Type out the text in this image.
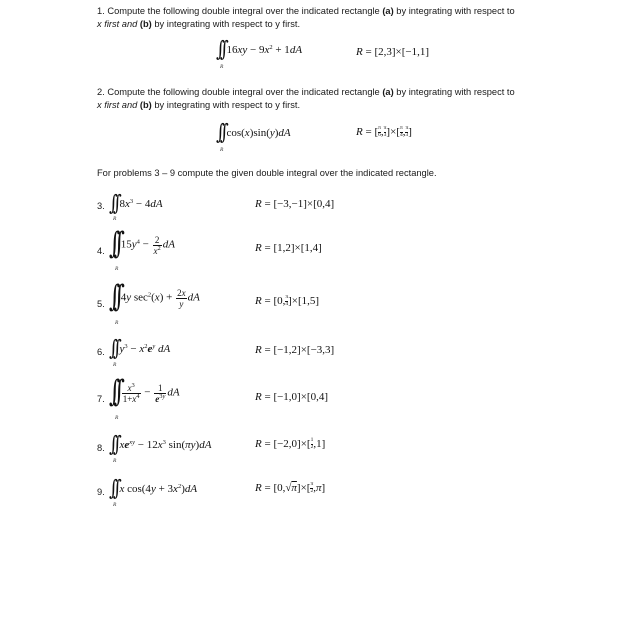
1. Compute the following double integral over the indicated rectangle (a) by integrating with respect to
x first and (b) by integrating with respect to y first.
∫∫ $16xy - 9x^2 + 1dA$
R
R = [2,3]×[−1,1]
2. Compute the following double integral over the indicated rectangle (a) by integrating with respect to
x first and (b) by integrating with respect to y first.
∫∫ cos(x)sin(y)dA
R
R = [ $\frac{\pi}{6}$ , $\frac{\pi}{3}$ ]×[ $\frac{\pi}{4}$ , $\frac{\pi}{3}$ ]
For problems 3 – 9 compute the given double integral over the indicated rectangle.
3. ∫∫ $8x^3 - 4dA$
R
R = [−3,−1]×[0,4]
4. ∫∫ $15y^4 - \frac{2}{x^2}$ dA
R
R = [1,2]×[1,4]
5. ∫∫ 4y $\sec^2(x) + \frac{2x}{y}$ dA
R
R = [0, $\frac{\pi}{4} ]\times[1,5]$
6. ∫∫ $y^3 - x^2e^y$ dA
R
R = [−1,2]×[−3,3]
7. ∫∫ $\frac{x^3}{1+x^4} - \frac{1}{e^{3y}}$ dA
R
R = [−1,0]×[0,4]
8. ∫∫ $xe^{xy} - 12x^3$ sin(πy)dA
R
$R = [-2,0]\times[ \frac{1}{2} ,1]$
9. ∫∫ x $\cos(4y + 3x^2)dA$
R
$R = [0,√\pi]\times[ \frac{\pi}{2} ,\pi]$
